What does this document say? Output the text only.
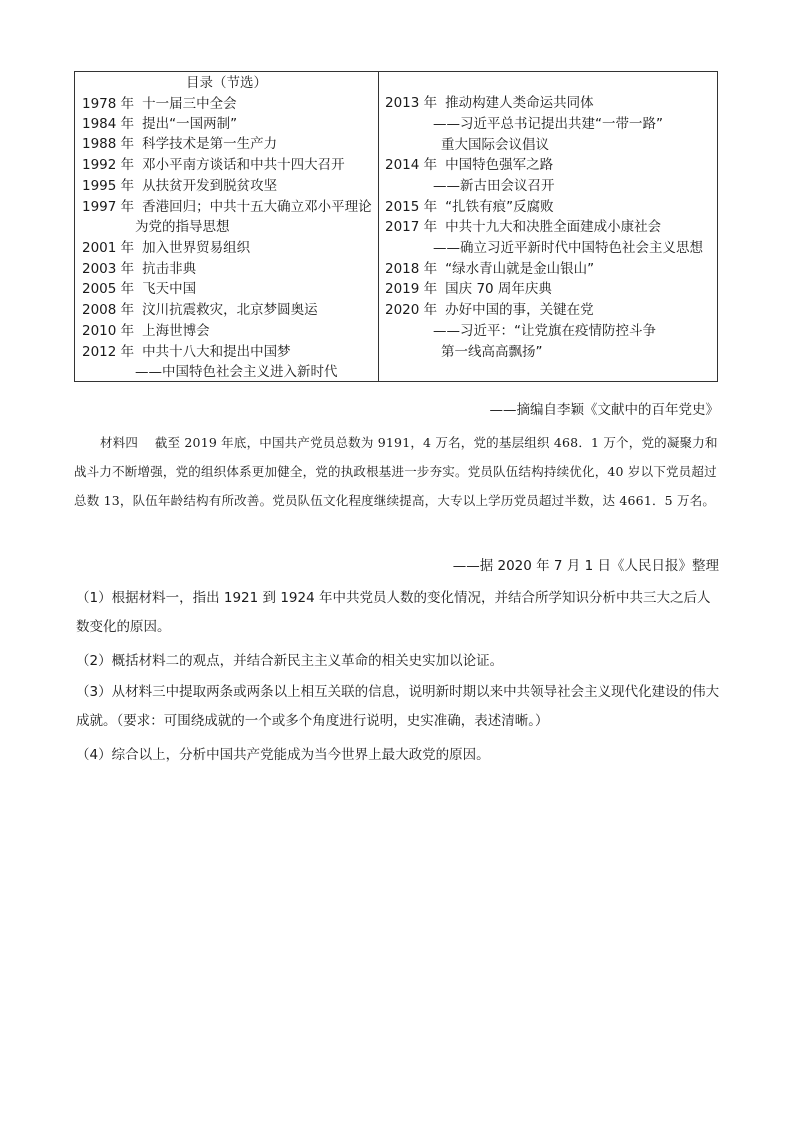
目录（节选）
1978 年 十一届三中全会
1984 年 提出“一国两制”
1988 年 科学技术是第一生产力
1992 年 邓小平南方谈话和中共十四大召开
1995 年 从扶贫开发到脱贫攻坚
1997 年 香港回归；中共十五大确立邓小平理论
为党的指导思想
2001 年 加入世界贸易组织
2003 年 抗击非典
2005 年 飞天中国
2008 年 汶川抗震救灾，北京梦圆奥运
2010 年 上海世博会
2012 年 中共十八大和提出中国梦
——中国特色社会主义进入新时代
2013 年 推动构建人类命运共同体
——习近平总书记提出共建“一带一路”
重大国际会议倡议
2014 年 中国特色强军之路
——新古田会议召开
2015 年 “扎铁有痕”反腐败
2017 年 中共十九大和决胜全面建成小康社会
——确立习近平新时代中国特色社会主义思想
2018 年 “绿水青山就是金山银山”
2019 年 国庆 70 周年庆典
2020 年 办好中国的事，关键在党
——习近平：“让党旗在疫情防控斗争
第一线高高飘扬”
——摘编自李颖《文献中的百年党史》
材料四 截至 2019 年底，中国共产党员总数为 9191，4 万名，党的基层组织 468．1 万个，党的凝聚力和战斗力不断增强，党的组织体系更加健全，党的执政根基进一步夯实。党员队伍结构持续优化，40 岁以下党员超过总数 13，队伍年龄结构有所改善。党员队伍文化程度继续提高，大专以上学历党员超过半数，达 4661．5 万名。
——据 2020 年 7 月 1 日《人民日报》整理
（1）根据材料一，指出 1921 到 1924 年中共党员人数的变化情况，并结合所学知识分析中共三大之后人数变化的原因。
（2）概括材料二的观点，并结合新民主主义革命的相关史实加以论证。
（3）从材料三中提取两条或两条以上相互关联的信息，说明新时期以来中共领导社会主义现代化建设的伟大成就。（要求：可围绕成就的一个或多个角度进行说明，史实准确，表述清晰。）
（4）综合以上，分析中国共产党能成为当今世界上最大政党的原因。
